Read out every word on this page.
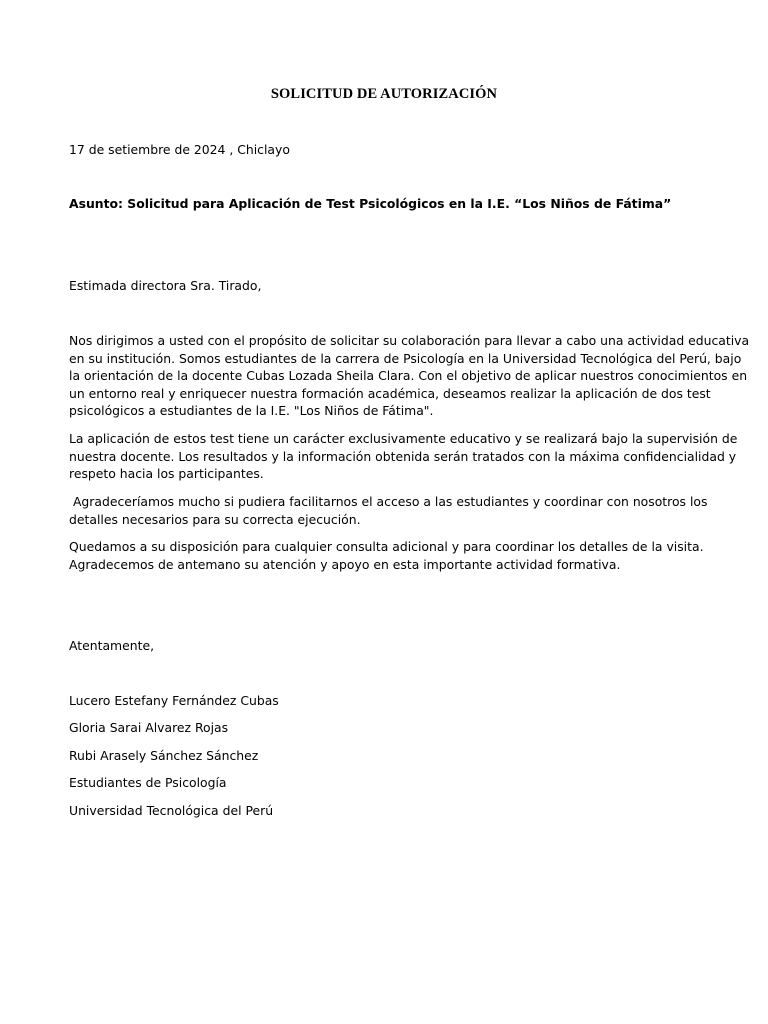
SOLICITUD DE AUTORIZACIÓN

17 de setiembre de 2024 , Chiclayo

Asunto: Solicitud para Aplicación de Test Psicológicos en la I.E. “Los Niños de Fátima”

Estimada directora Sra. Tirado,

Nos dirigimos a usted con el propósito de solicitar su colaboración para llevar a cabo una actividad educativa
en su institución. Somos estudiantes de la carrera de Psicología en la Universidad Tecnológica del Perú, bajo
la orientación de la docente Cubas Lozada Sheila Clara. Con el objetivo de aplicar nuestros conocimientos en
un entorno real y enriquecer nuestra formación académica, deseamos realizar la aplicación de dos test
psicológicos a estudiantes de la I.E. "Los Niños de Fátima".
La aplicación de estos test tiene un carácter exclusivamente educativo y se realizará bajo la supervisión de
nuestra docente. Los resultados y la información obtenida serán tratados con la máxima confidencialidad y
respeto hacia los participantes.
Agradeceríamos mucho si pudiera facilitarnos el acceso a las estudiantes y coordinar con nosotros los
detalles necesarios para su correcta ejecución.
Quedamos a su disposición para cualquier consulta adicional y para coordinar los detalles de la visita.
Agradecemos de antemano su atención y apoyo en esta importante actividad formativa.

Atentamente,

Lucero Estefany Fernández Cubas

Gloria Sarai Alvarez Rojas

Rubi Arasely Sánchez Sánchez

Estudiantes de Psicología

Universidad Tecnológica del Perú
